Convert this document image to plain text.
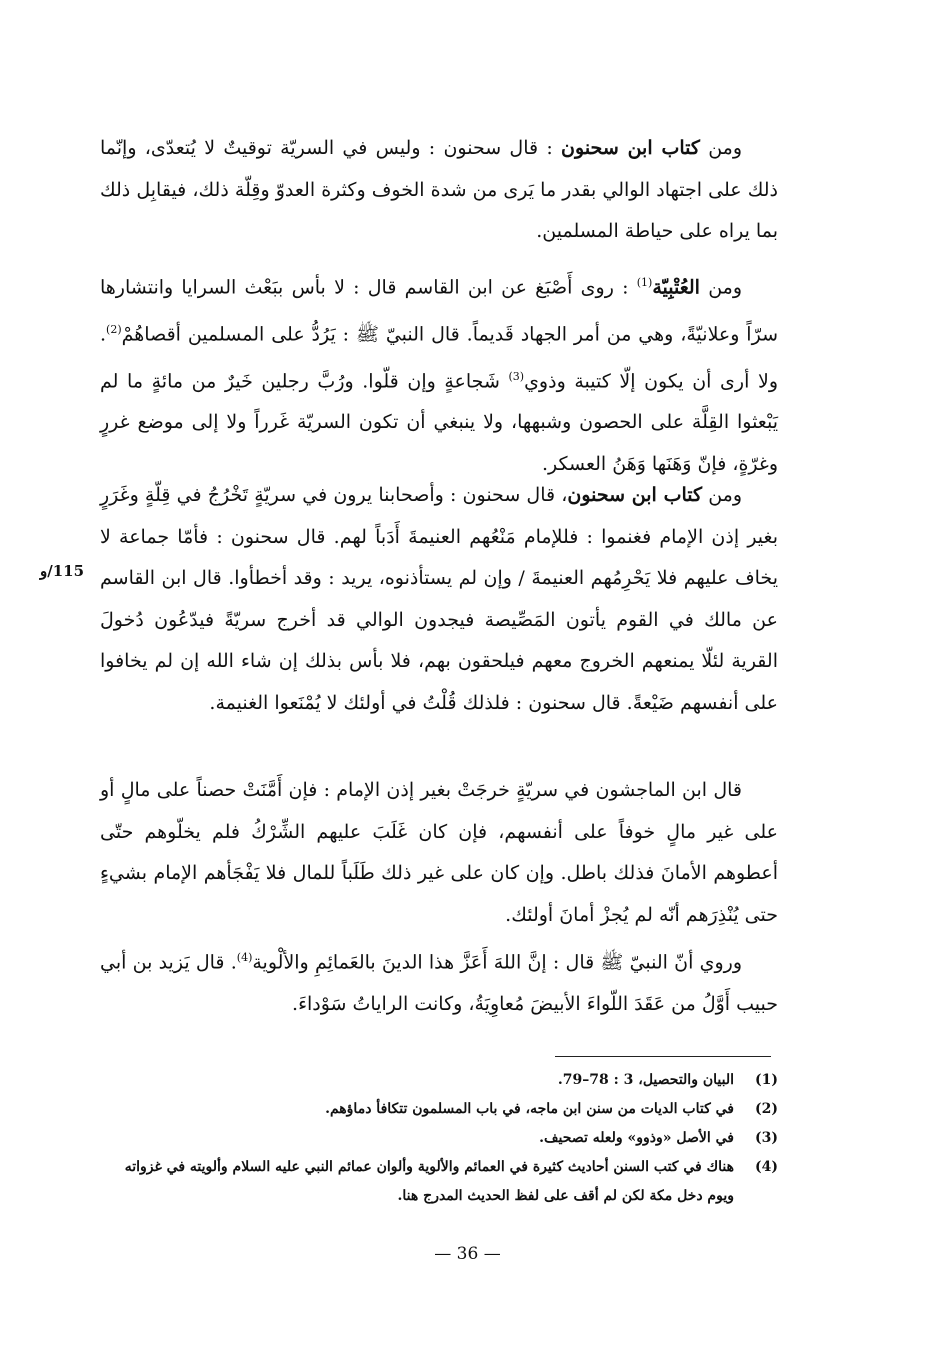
ومن كتاب ابن سحنون : قال سحنون : وليس في السريّة توقيتٌ لا يُتعدّى، وإنّما ذلك على اجتهاد الوالي بقدر ما يَرى من شدة الخوف وكثرة العدوّ وقِلّة ذلك، فيقابِل ذلك بما يراه على حياطة المسلمين.

ومن العُتْبِيّة$^{(1)}$ : روى أَصْبَغ عن ابن القاسم قال : لا بأس ببَعْث السرايا وانتشارها سرّاً وعلانيّةً، وهي من أمر الجهاد قَديماً. قال النبيّ ﷺ : يَرُدُّ على المسلمين أقصاهُمْ$^{(2)}$. ولا أرى أن يكون إلّا كتيبة وذوي$^{(3)}$ شَجاعةٍ وإن قلّوا. ورُبَّ رجلين خَيرٌ من مائةٍ ما لم يَبْعثوا القِلَّة على الحصون وشبهها، ولا ينبغي أن تكون السريّة غَرراً ولا إلى موضع غررٍ وغرّةٍ، فإنّ وَهَنَها وَهَنُ العسكر.

ومن كتاب ابن سحنون، قال سحنون : وأصحابنا يرون في سريّةٍ تَخْرُجُ في قِلّةٍ وغَرَرٍ بغير إذن الإمام فغنموا : فللإمام مَنْعُهم العنيمةَ أَدَباً لهم. قال سحنون : فأمّا جماعة لا يخاف عليهم فلا يَحْرِمُهم العنيمةَ / وإن لم يستأذنوه، يريد : وقد أخطأوا. قال ابن القاسم عن مالك في القوم يأتون المَصِّيصة فيجدون الوالي قد أخرج سريّةً فيدّعُون دُخولَ القرية لئلّا يمنعهم الخروج معهم فيلحقون بهم، فلا بأس بذلك إن شاء الله إن لم يخافوا على أنفسهم ضَيْعةً. قال سحنون : فلذلك قُلْتُ في أولئك لا يُمْنَعوا الغنيمة.

قال ابن الماجشون في سريّةٍ خرجَتْ بغير إذن الإمام : فإن أَمَّنَتْ حصناً على مالٍ أو على غير مالٍ خوفاً على أنفسهم، فإن كان غَلَبَ عليهم الشِّرْكُ فلم يخلّوهم حتّى أعطوهم الأمانَ فذلك باطل. وإن كان على غير ذلك طَلَباً للمال فلا يَفْجَأهم الإمام بشيءٍ حتى يُنْذِرَهم أنّه لم يُجزْ أمانَ أولئك.

وروي أنّ النبيّ ﷺ قال : إنَّ اللهَ أَعَزَّ هذا الدينَ بالعَمائِمِ والألْوية$^{(4)}$. قال يَزيد بن أبي حبيب أَوَّلُ من عَقَدَ اللّواءَ الأبيضَ مُعاوِيَةُ، وكانت الراياتُ سَوْداءَ.

115/و
(1)
البيان والتحصيل، 3 : 78–79.
(2)
في كتاب الديات من سنن ابن ماجه، في باب المسلمون تتكافأ دماؤهم.
(3)
في الأصل «وذوو» ولعله تصحيف.
(4)
هناك في كتب السنن أحاديث كثيرة في العمائم والألوية وألوان عمائم النبي عليه السلام وألويته في غزواته ويوم دخل مكة لكن لم أقف على لفظ الحديث المدرج هنا.
— 36 —
